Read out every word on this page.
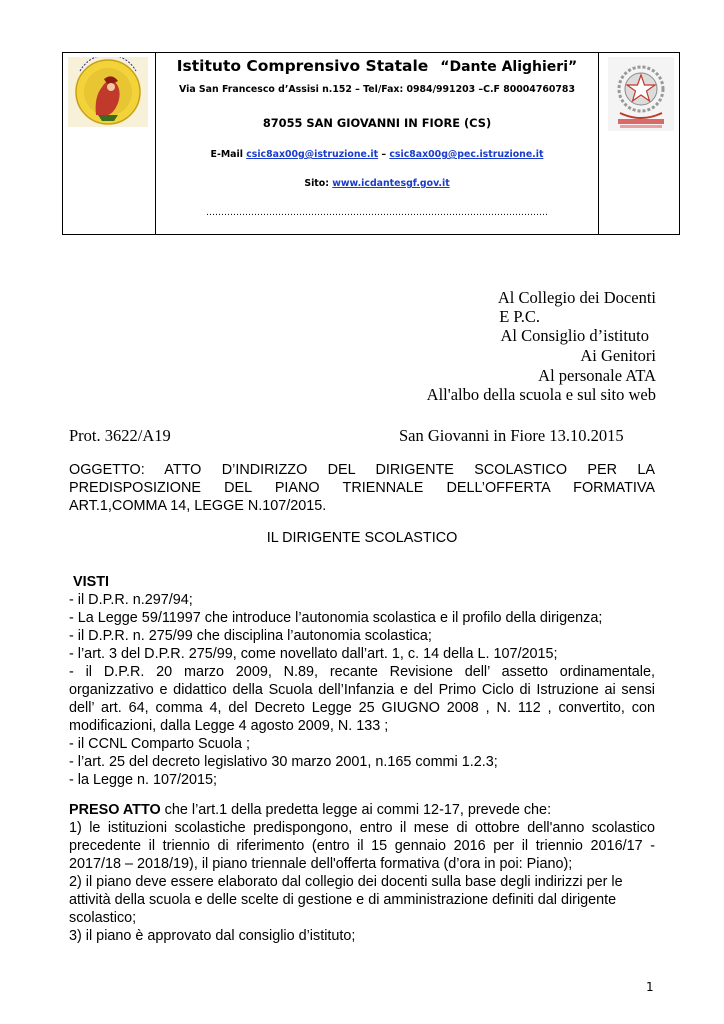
Istituto Comprensivo Statale “Dante Alighieri”
Via San Francesco d’Assisi n.152 – Tel/Fax: 0984/991203 –C.F 80004760783
87055 SAN GIOVANNI IN FIORE (CS)
E-Mail csic8ax00g@istruzione.it – csic8ax00g@pec.istruzione.it
Sito: www.icdantesgf.gov.it
……………………………………………………………………………………………………
Al Collegio dei Docenti
E P.C.
Al Consiglio d’istituto
Ai Genitori
Al personale ATA
All'albo della scuola e sul sito web
Prot. 3622/A19	San Giovanni in Fiore 13.10.2015
OGGETTO: ATTO D’INDIRIZZO DEL DIRIGENTE SCOLASTICO PER LA
PREDISPOSIZIONE DEL PIANO TRIENNALE DELL’OFFERTA FORMATIVA
ART.1,COMMA 14, LEGGE N.107/2015.
IL DIRIGENTE SCOLASTICO
VISTI
- il D.P.R. n.297/94;
- La Legge 59/11997 che introduce l’autonomia scolastica e il profilo della dirigenza;
- il D.P.R. n. 275/99 che disciplina l’autonomia scolastica;
- l’art. 3 del D.P.R. 275/99, come novellato dall’art. 1, c. 14 della L. 107/2015;
- il D.P.R. 20 marzo 2009, N.89, recante Revisione dell’ assetto ordinamentale,
organizzativo e didattico della Scuola dell’Infanzia e del Primo Ciclo di Istruzione ai sensi
dell’ art. 64, comma 4, del Decreto Legge 25 GIUGNO 2008 , N. 112 , convertito, con
modificazioni, dalla Legge 4 agosto 2009, N. 133 ;
- il CCNL Comparto Scuola ;
- l’art. 25 del decreto legislativo 30 marzo 2001, n.165 commi 1.2.3;
- la Legge n. 107/2015;
PRESO ATTO che l’art.1 della predetta legge ai commi 12-17, prevede che:
1) le istituzioni scolastiche predispongono, entro il mese di ottobre dell'anno scolastico
precedente il triennio di riferimento (entro il 15 gennaio 2016 per il triennio 2016/17 -
2017/18 – 2018/19), il piano triennale dell'offerta formativa (d’ora in poi: Piano);
2) il piano deve essere elaborato dal collegio dei docenti sulla base degli indirizzi per le
attività della scuola e delle scelte di gestione e di amministrazione definiti dal dirigente
scolastico;
3) il piano è approvato dal consiglio d’istituto;
1
